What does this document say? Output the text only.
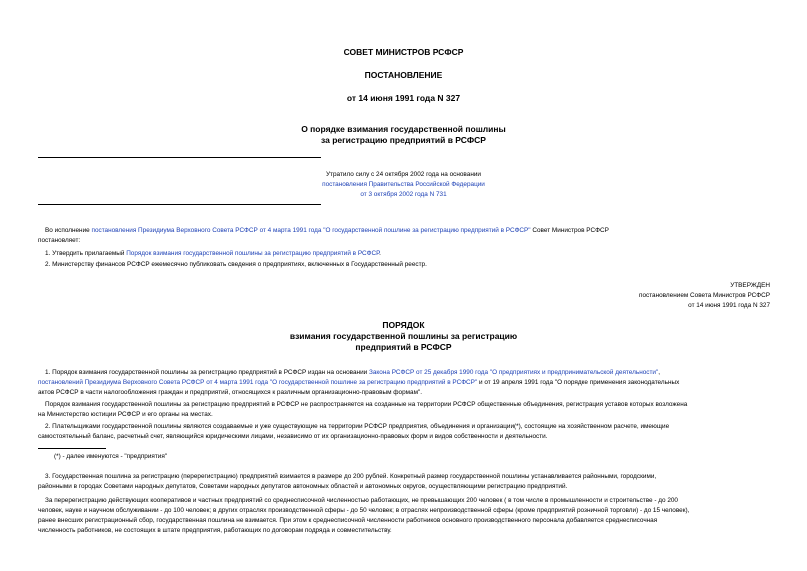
СОВЕТ МИНИСТРОВ РСФСР
ПОСТАНОВЛЕНИЕ
от 14 июня 1991 года N 327
О порядке взимания государственной пошлины
за регистрацию предприятий в РСФСР
Утратило силу с 24 октября 2002 года на основании
постановления Правительства Российской Федерации
от 3 октября 2002 года N 731
Во исполнение постановления Президиума Верховного Совета РСФСР от 4 марта 1991 года "О государственной пошлине за регистрацию предприятий в РСФСР" Совет Министров РСФСР
постановляет:
1. Утвердить прилагаемый Порядок взимания государственной пошлины за регистрацию предприятий в РСФСР.
2. Министерству финансов РСФСР ежемесячно публиковать сведения о предприятиях, включенных в Государственный реестр.
УТВЕРЖДЕН
постановлением Совета Министров РСФСР
от 14 июня 1991 года N 327
ПОРЯДОК
взимания государственной пошлины за регистрацию
предприятий в РСФСР
1. Порядок взимания государственной пошлины за регистрацию предприятий в РСФСР издан на основании Закона РСФСР от 25 декабря 1990 года "О предприятиях и предпринимательской деятельности",
постановлений Президиума Верховного Совета РСФСР от 4 марта 1991 года "О государственной пошлине за регистрацию предприятий в РСФСР" и от 19 апреля 1991 года "О порядке применения законодательных
актов РСФСР в части налогообложения граждан и предприятий, относящихся к различным организационно-правовым формам".
Порядок взимания государственной пошлины за регистрацию предприятий в РСФСР не распространяется на созданные на территории РСФСР общественные объединения, регистрация уставов которых возложена
на Министерство юстиции РСФСР и его органы на местах.
2. Плательщиками государственной пошлины являются создаваемые и уже существующие на территории РСФСР предприятия, объединения и организации(*), состоящие на хозяйственном расчете, имеющие
самостоятельный баланс, расчетный счет, являющийся юридическими лицами, независимо от их организационно-правовых форм и видов собственности и деятельности.
(*) - далее именуются - "предприятия"
3. Государственная пошлина за регистрацию (перерегистрацию) предприятий взимается в размере до 200 рублей. Конкретный размер государственной пошлины устанавливается районными, городскими,
районными в городах Советами народных депутатов, Советами народных депутатов автономных областей и автономных округов, осуществляющими регистрацию предприятий.
За перерегистрацию действующих кооперативов и частных предприятий со среднесписочной численностью работающих, не превышающих 200 человек ( в том числе в промышленности и строительстве - до 200
человек, науке и научном обслуживании - до 100 человек; в других отраслях производственной сферы - до 50 человек; в отраслях непроизводственной сферы (кроме предприятий розничной торговли) - до 15 человек),
ранее внесших регистрационный сбор, государственная пошлина не взимается. При этом к среднесписочной численности работников основного производственного персонала добавляется среднесписочная
численность работников, не состоящих в штате предприятия, работающих по договорам подряда и совместительству.
